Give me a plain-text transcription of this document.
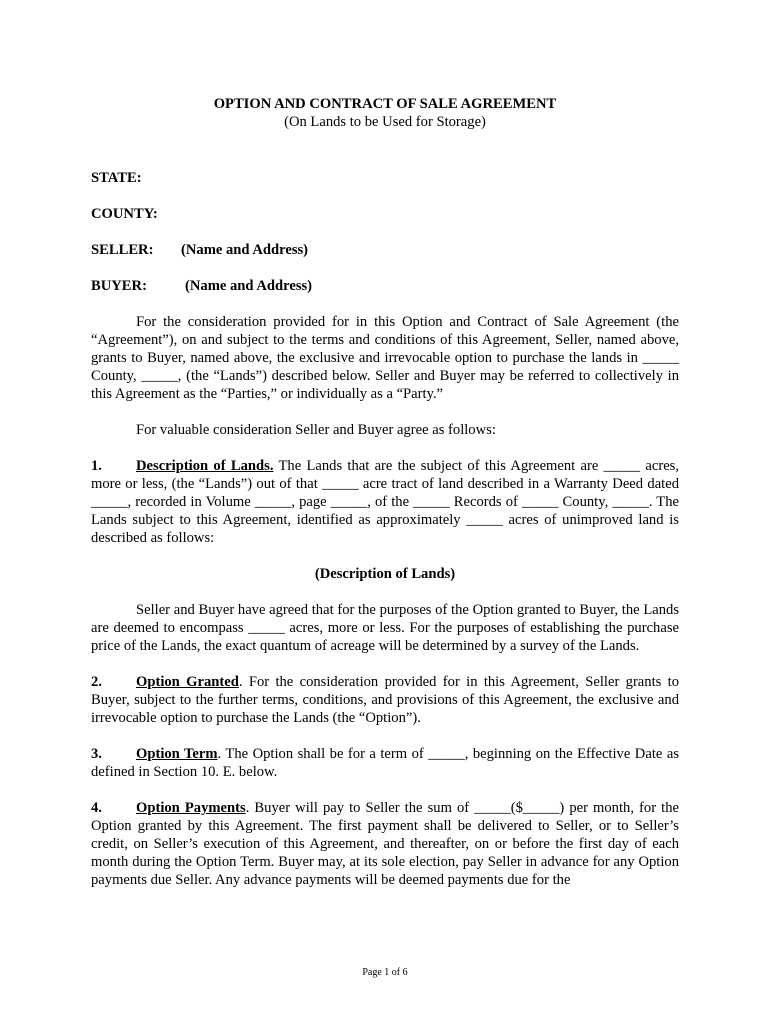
OPTION AND CONTRACT OF SALE AGREEMENT

(On Lands to be Used for Storage)

STATE:

COUNTY:

SELLER: (Name and Address)

BUYER:	(Name and Address)

For the consideration provided for in this Option and Contract of Sale Agreement (the “Agreement”), on and subject to the terms and conditions of this Agreement, Seller, named above, grants to Buyer, named above, the exclusive and irrevocable option to purchase the lands in _____ County, _____, (the “Lands”) described below. Seller and Buyer may be referred to collectively in this Agreement as the “Parties,” or individually as a “Party.”

For valuable consideration Seller and Buyer agree as follows:

1. Description of Lands. The Lands that are the subject of this Agreement are _____ acres, more or less, (the “Lands”) out of that _____ acre tract of land described in a Warranty Deed dated _____, recorded in Volume _____, page _____, of the _____ Records of _____ County, _____. The Lands subject to this Agreement, identified as approximately _____ acres of unimproved land is described as follows:

(Description of Lands)

Seller and Buyer have agreed that for the purposes of the Option granted to Buyer, the Lands are deemed to encompass _____ acres, more or less. For the purposes of establishing the purchase price of the Lands, the exact quantum of acreage will be determined by a survey of the Lands.

2. Option Granted. For the consideration provided for in this Agreement, Seller grants to Buyer, subject to the further terms, conditions, and provisions of this Agreement, the exclusive and irrevocable option to purchase the Lands (the “Option”).

3. Option Term. The Option shall be for a term of _____, beginning on the Effective Date as defined in Section 10. E. below.

4. Option Payments. Buyer will pay to Seller the sum of _____($_____) per month, for the Option granted by this Agreement. The first payment shall be delivered to Seller, or to Seller’s credit, on Seller’s execution of this Agreement, and thereafter, on or before the first day of each month during the Option Term. Buyer may, at its sole election, pay Seller in advance for any Option payments due Seller. Any advance payments will be deemed payments due for the

Page 1 of 6
